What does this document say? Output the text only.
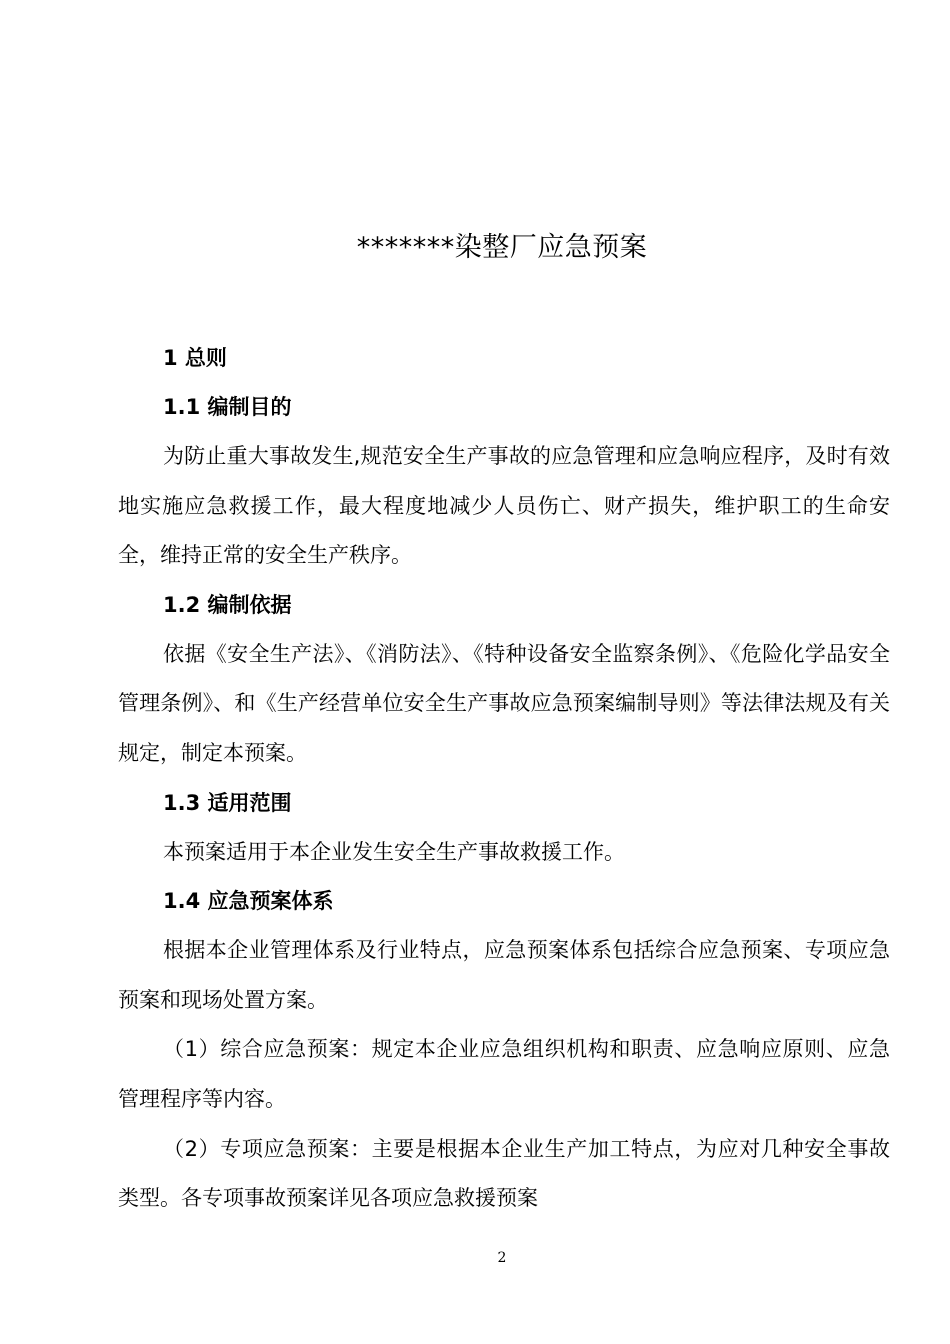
*******染整厂应急预案
1 总则
1.1 编制目的
为防止重大事故发生,规范安全生产事故的应急管理和应急响应程序，及时有效地实施应急救援工作，最大程度地减少人员伤亡、财产损失，维护职工的生命安全，维持正常的安全生产秩序。
1.2 编制依据
依据《安全生产法》、《消防法》、《特种设备安全监察条例》、《危险化学品安全管理条例》、和《生产经营单位安全生产事故应急预案编制导则》等法律法规及有关规定，制定本预案。
1.3 适用范围
本预案适用于本企业发生安全生产事故救援工作。
1.4 应急预案体系
根据本企业管理体系及行业特点，应急预案体系包括综合应急预案、专项应急预案和现场处置方案。
（1）综合应急预案：规定本企业应急组织机构和职责、应急响应原则、应急管理程序等内容。
（2）专项应急预案：主要是根据本企业生产加工特点，为应对几种安全事故类型。各专项事故预案详见各项应急救援预案
2
